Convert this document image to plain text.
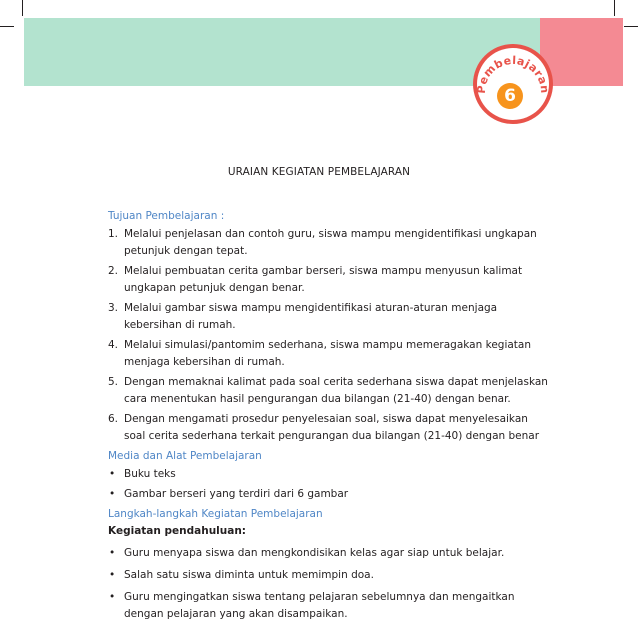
Pembelajaran
6
URAIAN KEGIATAN PEMBELAJARAN

Tujuan Pembelajaran :

1. Melalui penjelasan dan contoh guru, siswa mampu mengidentifikasi ungkapan petunjuk dengan tepat.
2. Melalui pembuatan cerita gambar berseri, siswa mampu menyusun kalimat ungkapan petunjuk dengan benar.
3. Melalui gambar siswa mampu mengidentifikasi aturan-aturan menjaga kebersihan di rumah.
4. Melalui simulasi/pantomim sederhana, siswa mampu memeragakan kegiatan menjaga kebersihan di rumah.
5. Dengan memaknai kalimat pada soal cerita sederhana siswa dapat menjelaskan cara menentukan hasil pengurangan dua bilangan (21-40) dengan benar.
6. Dengan mengamati prosedur penyelesaian soal, siswa dapat menyelesaikan soal cerita sederhana terkait pengurangan dua bilangan (21-40) dengan benar

Media dan Alat Pembelajaran

• Buku teks
• Gambar berseri yang terdiri dari 6 gambar

Langkah-langkah Kegiatan Pembelajaran

Kegiatan pendahuluan:

• Guru menyapa siswa dan mengkondisikan kelas agar siap untuk belajar.
• Salah satu siswa diminta untuk memimpin doa.
• Guru mengingatkan siswa tentang pelajaran sebelumnya dan mengaitkan dengan pelajaran yang akan disampaikan.
